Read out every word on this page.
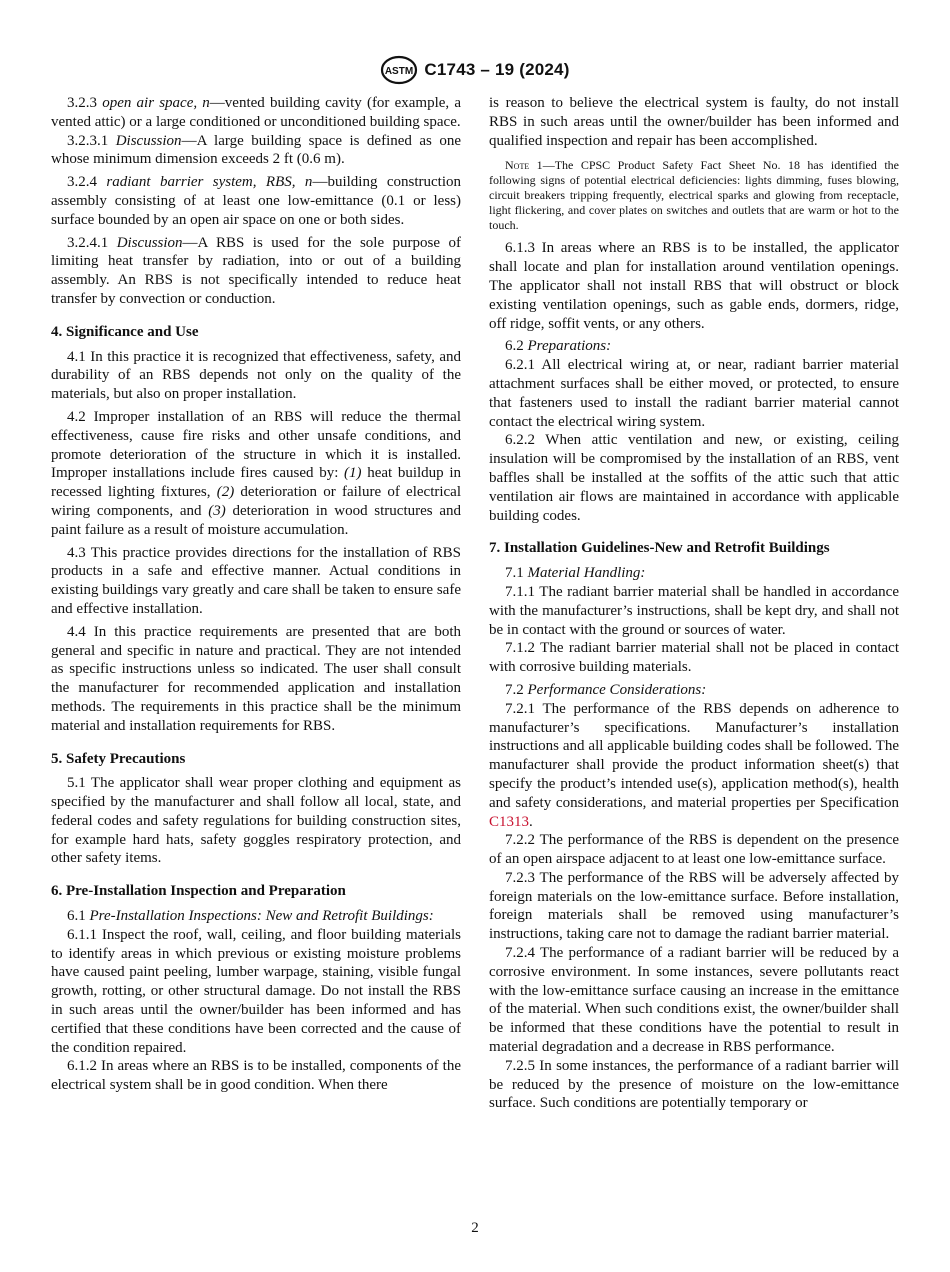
ASTM C1743 – 19 (2024)

3.2.3 open air space, n—vented building cavity (for example, a vented attic) or a large conditioned or unconditioned building space.

3.2.3.1 Discussion—A large building space is defined as one whose minimum dimension exceeds 2 ft (0.6 m).

3.2.4 radiant barrier system, RBS, n—building construction assembly consisting of at least one low-emittance (0.1 or less) surface bounded by an open air space on one or both sides.

3.2.4.1 Discussion—A RBS is used for the sole purpose of limiting heat transfer by radiation, into or out of a building assembly. An RBS is not specifically intended to reduce heat transfer by convection or conduction.

4. Significance and Use

4.1 In this practice it is recognized that effectiveness, safety, and durability of an RBS depends not only on the quality of the materials, but also on proper installation.

4.2 Improper installation of an RBS will reduce the thermal effectiveness, cause fire risks and other unsafe conditions, and promote deterioration of the structure in which it is installed. Improper installations include fires caused by: (1) heat buildup in recessed lighting fixtures, (2) deterioration or failure of electrical wiring components, and (3) deterioration in wood structures and paint failure as a result of moisture accumulation.

4.3 This practice provides directions for the installation of RBS products in a safe and effective manner. Actual conditions in existing buildings vary greatly and care shall be taken to ensure safe and effective installation.

4.4 In this practice requirements are presented that are both general and specific in nature and practical. They are not intended as specific instructions unless so indicated. The user shall consult the manufacturer for recommended application and installation methods. The requirements in this practice shall be the minimum material and installation requirements for RBS.

5. Safety Precautions

5.1 The applicator shall wear proper clothing and equipment as specified by the manufacturer and shall follow all local, state, and federal codes and safety regulations for building construction sites, for example hard hats, safety goggles respiratory protection, and other safety items.

6. Pre-Installation Inspection and Preparation

6.1 Pre-Installation Inspections: New and Retrofit Buildings:

6.1.1 Inspect the roof, wall, ceiling, and floor building materials to identify areas in which previous or existing moisture problems have caused paint peeling, lumber warpage, staining, visible fungal growth, rotting, or other structural damage. Do not install the RBS in such areas until the owner/builder has been informed and has certified that these conditions have been corrected and the cause of the condition repaired.

6.1.2 In areas where an RBS is to be installed, components of the electrical system shall be in good condition. When there

is reason to believe the electrical system is faulty, do not install RBS in such areas until the owner/builder has been informed and qualified inspection and repair has been accomplished.

Note 1—The CPSC Product Safety Fact Sheet No. 18 has identified the following signs of potential electrical deficiencies: lights dimming, fuses blowing, circuit breakers tripping frequently, electrical sparks and glowing from receptacle, light flickering, and cover plates on switches and outlets that are warm or hot to the touch.

6.1.3 In areas where an RBS is to be installed, the applicator shall locate and plan for installation around ventilation openings. The applicator shall not install RBS that will obstruct or block existing ventilation openings, such as gable ends, dormers, ridge, off ridge, soffit vents, or any others.

6.2 Preparations:

6.2.1 All electrical wiring at, or near, radiant barrier material attachment surfaces shall be either moved, or protected, to ensure that fasteners used to install the radiant barrier material cannot contact the electrical wiring system.

6.2.2 When attic ventilation and new, or existing, ceiling insulation will be compromised by the installation of an RBS, vent baffles shall be installed at the soffits of the attic such that attic ventilation air flows are maintained in accordance with applicable building codes.

7. Installation Guidelines-New and Retrofit Buildings

7.1 Material Handling:

7.1.1 The radiant barrier material shall be handled in accordance with the manufacturer’s instructions, shall be kept dry, and shall not be in contact with the ground or sources of water.

7.1.2 The radiant barrier material shall not be placed in contact with corrosive building materials.

7.2 Performance Considerations:

7.2.1 The performance of the RBS depends on adherence to manufacturer’s specifications. Manufacturer’s installation instructions and all applicable building codes shall be followed. The manufacturer shall provide the product information sheet(s) that specify the product’s intended use(s), application method(s), health and safety considerations, and material properties per Specification C1313.

7.2.2 The performance of the RBS is dependent on the presence of an open airspace adjacent to at least one low-emittance surface.

7.2.3 The performance of the RBS will be adversely affected by foreign materials on the low-emittance surface. Before installation, foreign materials shall be removed using manufacturer’s instructions, taking care not to damage the radiant barrier material.

7.2.4 The performance of a radiant barrier will be reduced by a corrosive environment. In some instances, severe pollutants react with the low-emittance surface causing an increase in the emittance of the material. When such conditions exist, the owner/builder shall be informed that these conditions have the potential to result in material degradation and a decrease in RBS performance.

7.2.5 In some instances, the performance of a radiant barrier will be reduced by the presence of moisture on the low-emittance surface. Such conditions are potentially temporary or

2
